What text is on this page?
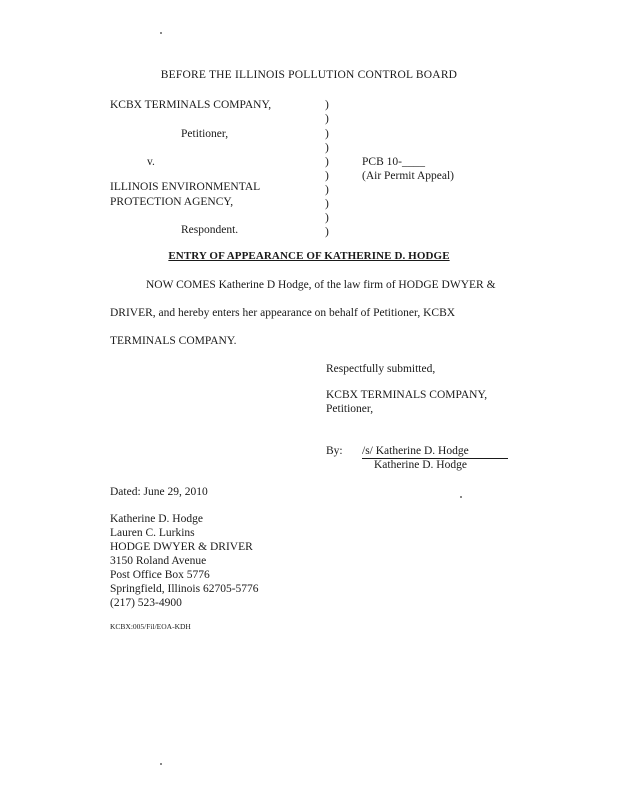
BEFORE THE ILLINOIS POLLUTION CONTROL BOARD
KCBX TERMINALS COMPANY,
Petitioner,
v.
ILLINOIS ENVIRONMENTAL
PROTECTION AGENCY,
Respondent.
)
)
)
)
)
)
)
)
)
)
PCB 10-____
(Air Permit Appeal)
ENTRY OF APPEARANCE OF KATHERINE D. HODGE
NOW COMES Katherine D Hodge, of the law firm of HODGE DWYER &
DRIVER, and hereby enters her appearance on behalf of Petitioner, KCBX
TERMINALS COMPANY.
Respectfully submitted,
KCBX TERMINALS COMPANY,
Petitioner,
By: /s/ Katherine D. Hodge
Katherine D. Hodge
Dated: June 29, 2010
Katherine D. Hodge
Lauren C. Lurkins
HODGE DWYER & DRIVER
3150 Roland Avenue
Post Office Box 5776
Springfield, Illinois 62705-5776
(217) 523-4900
KCBX:005/Fil/EOA-KDH
